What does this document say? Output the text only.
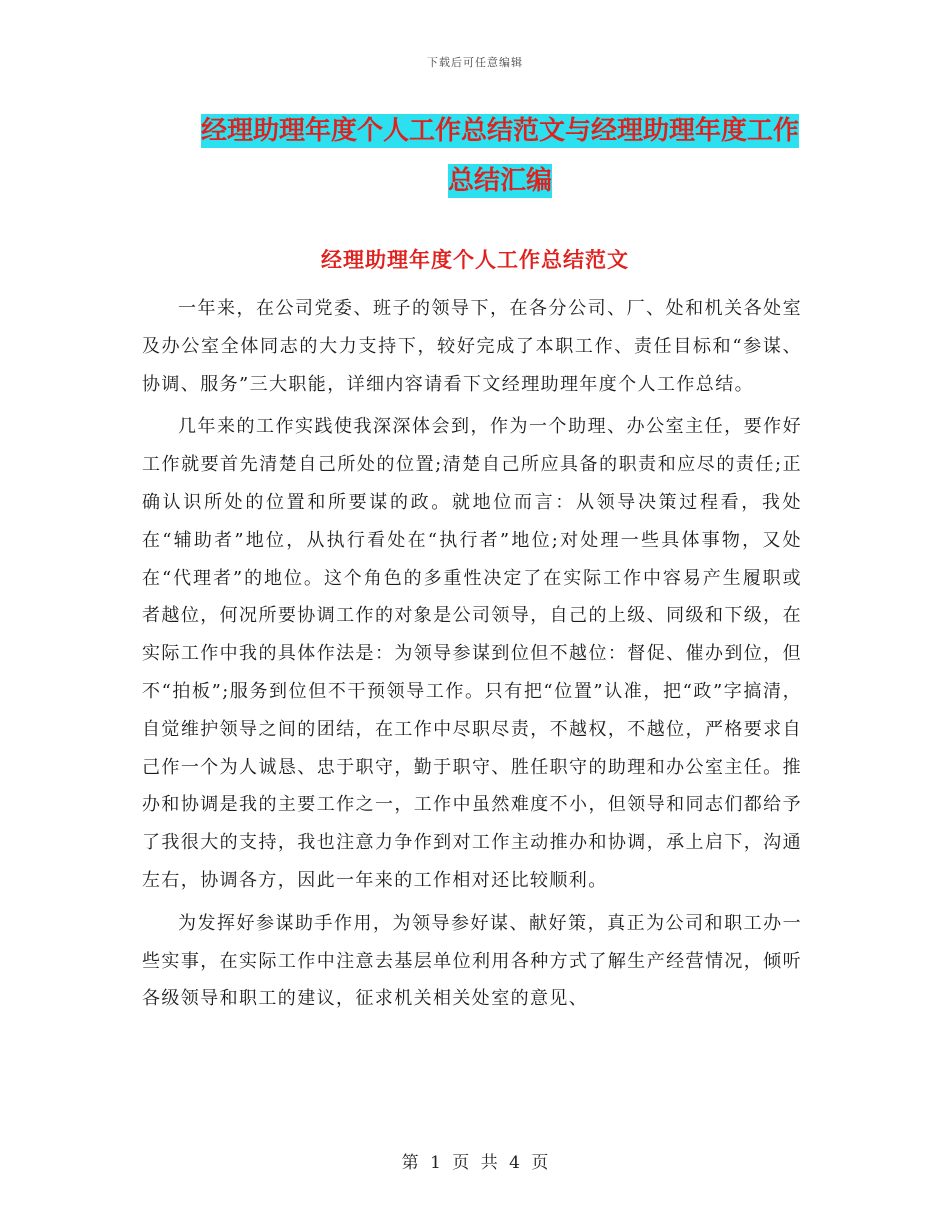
下载后可任意编辑
经理助理年度个人工作总结范文与经理助理年度工作
总结汇编
经理助理年度个人工作总结范文

一年来，在公司党委、班子的领导下，在各分公司、厂、处和机关各处室及办公室全体同志的大力支持下，较好完成了本职工作、责任目标和“参谋、协调、服务”三大职能，详细内容请看下文经理助理年度个人工作总结。

几年来的工作实践使我深深体会到，作为一个助理、办公室主任，要作好工作就要首先清楚自己所处的位置;清楚自己所应具备的职责和应尽的责任;正确认识所处的位置和所要谋的政。就地位而言：从领导决策过程看，我处在“辅助者”地位，从执行看处在“执行者”地位;对处理一些具体事物，又处在“代理者”的地位。这个角色的多重性决定了在实际工作中容易产生履职或者越位，何况所要协调工作的对象是公司领导，自己的上级、同级和下级，在实际工作中我的具体作法是：为领导参谋到位但不越位：督促、催办到位，但不“拍板”;服务到位但不干预领导工作。只有把“位置”认准，把“政”字搞清，自觉维护领导之间的团结，在工作中尽职尽责，不越权，不越位，严格要求自己作一个为人诚恳、忠于职守，勤于职守、胜任职守的助理和办公室主任。推办和协调是我的主要工作之一，工作中虽然难度不小，但领导和同志们都给予了我很大的支持，我也注意力争作到对工作主动推办和协调，承上启下，沟通左右，协调各方，因此一年来的工作相对还比较顺利。

为发挥好参谋助手作用，为领导参好谋、献好策，真正为公司和职工办一些实事，在实际工作中注意去基层单位利用各种方式了解生产经营情况，倾听各级领导和职工的建议，征求机关相关处室的意见、

第 1 页 共 4 页
